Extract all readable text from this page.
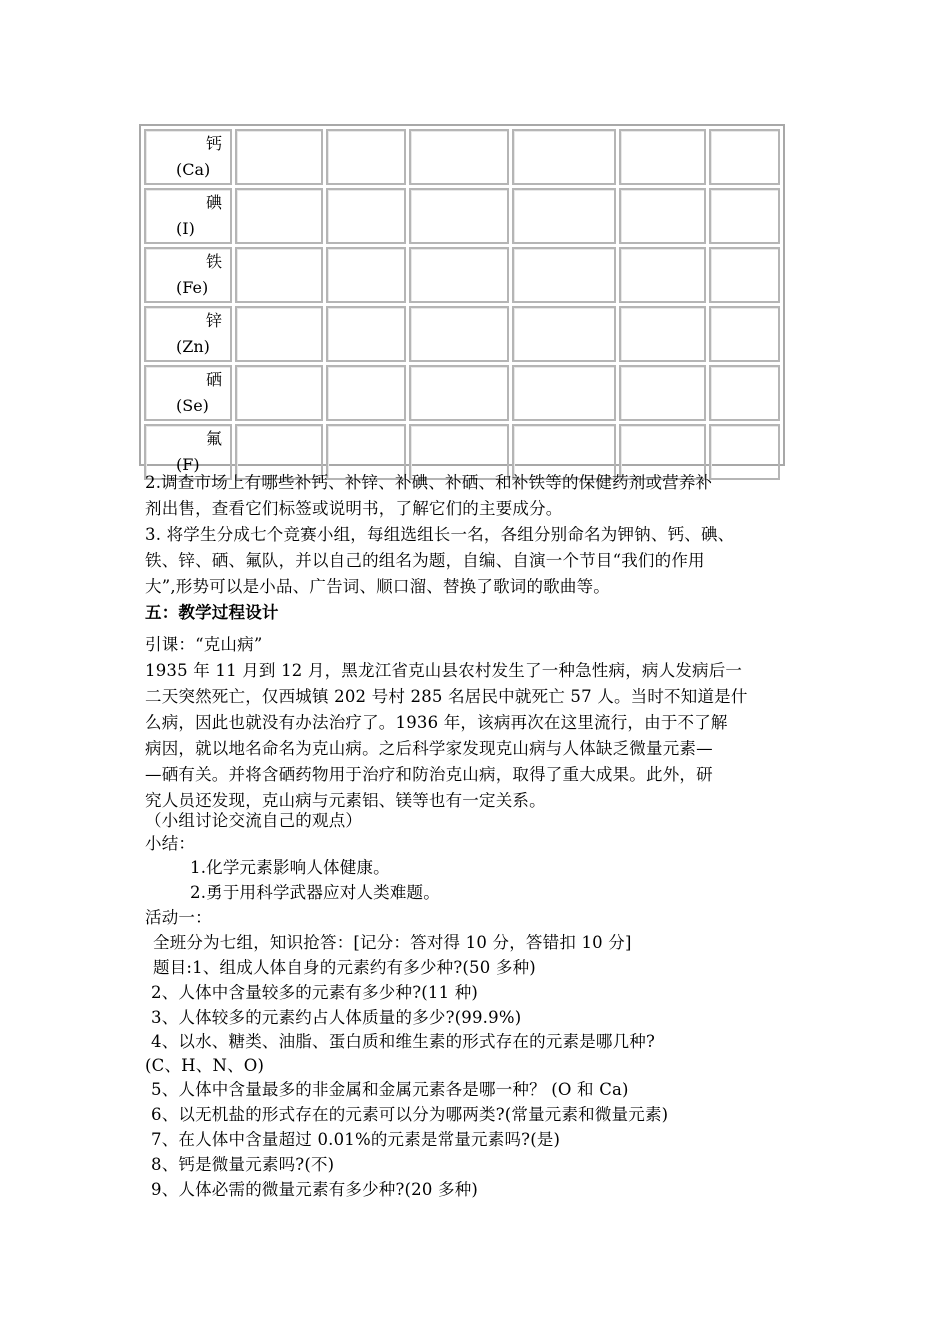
钙
(Ca)						

碘
(I)						

铁
(Fe)						

锌
(Zn)						

硒
(Se)						

氟
(F)						

2.调查市场上有哪些补钙、补锌、补碘、补硒、和补铁等的保健药剂或营养补
剂出售，查看它们标签或说明书，了解它们的主要成分。
3. 将学生分成七个竞赛小组，每组选组长一名，各组分别命名为钾钠、钙、碘、
铁、锌、硒、氟队，并以自己的组名为题，自编、自演一个节目“我们的作用
大”,形势可以是小品、广告词、顺口溜、替换了歌词的歌曲等。
五：教学过程设计
引课：“克山病”
1935 年 11 月到 12 月，黑龙江省克山县农村发生了一种急性病，病人发病后一
二天突然死亡，仅西城镇 202 号村 285 名居民中就死亡 57 人。当时不知道是什
么病，因此也就没有办法治疗了。1936 年，该病再次在这里流行，由于不了解
病因，就以地名命名为克山病。之后科学家发现克山病与人体缺乏微量元素—
—硒有关。并将含硒药物用于治疗和防治克山病，取得了重大成果。此外，研
究人员还发现，克山病与元素铝、镁等也有一定关系。
（小组讨论交流自己的观点）
小结：
1.化学元素影响人体健康。
2.勇于用科学武器应对人类难题。
活动一：
全班分为七组，知识抢答：[记分：答对得 10 分，答错扣 10 分]
题目:1、组成人体自身的元素约有多少种?(50 多种)
2、人体中含量较多的元素有多少种?(11 种)
3、人体较多的元素约占人体质量的多少?(99.9%)
4、以水、糖类、油脂、蛋白质和维生素的形式存在的元素是哪几种?
(C、H、N、O)
5、人体中含量最多的非金属和金属元素各是哪一种？ (O 和 Ca)
6、以无机盐的形式存在的元素可以分为哪两类?(常量元素和微量元素)
7、在人体中含量超过 0.01%的元素是常量元素吗?(是)
8、钙是微量元素吗?(不)
9、人体必需的微量元素有多少种?(20 多种)
